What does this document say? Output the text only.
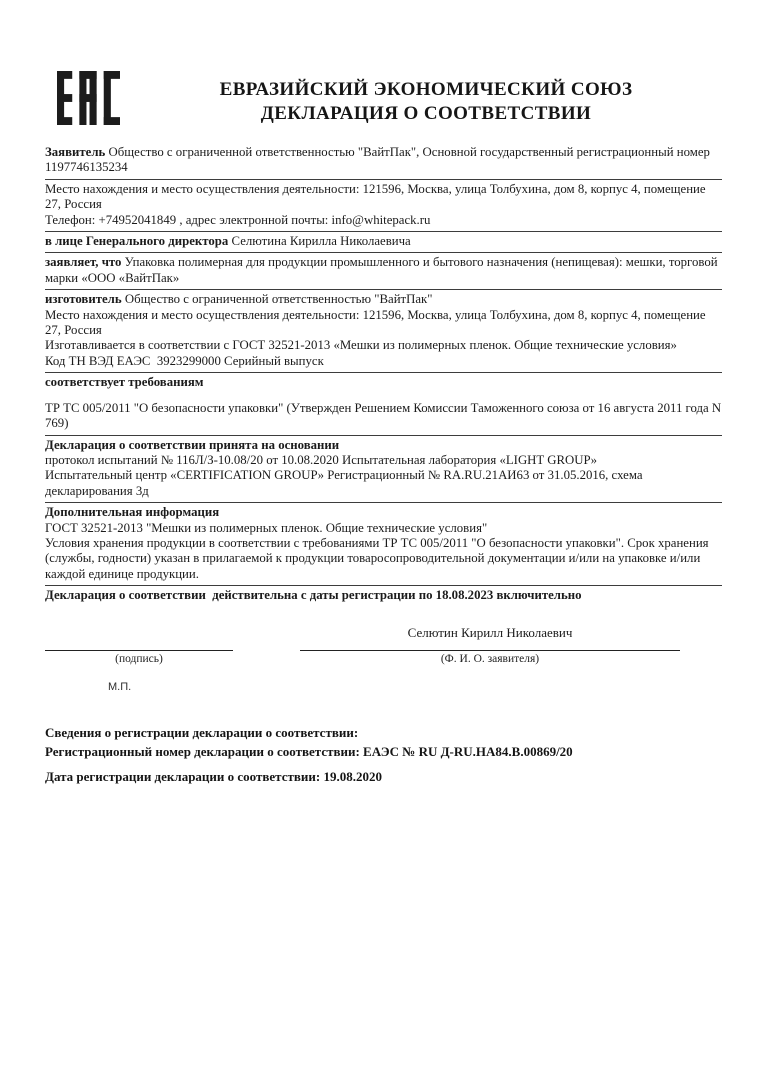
ЕВРАЗИЙСКИЙ ЭКОНОМИЧЕСКИЙ СОЮЗ
ДЕКЛАРАЦИЯ О СООТВЕТСТВИИ

Заявитель Общество с ограниченной ответственностью "ВайтПак", Основной государственный регистрационный номер 1197746135234

Место нахождения и место осуществления деятельности: 121596, Москва, улица Толбухина, дом 8, корпус 4, помещение 27, Россия
Телефон: +74952041849 , адрес электронной почты: info@whitepack.ru

в лице Генерального директора Селютина Кирилла Николаевича

заявляет, что Упаковка полимерная для продукции промышленного и бытового назначения (непищевая): мешки, торговой марки «ООО «ВайтПак»

изготовитель Общество с ограниченной ответственностью "ВайтПак"
Место нахождения и место осуществления деятельности: 121596, Москва, улица Толбухина, дом 8, корпус 4, помещение 27, Россия
Изготавливается в соответствии с ГОСТ 32521-2013 «Мешки из полимерных пленок. Общие технические условия»
Код ТН ВЭД ЕАЭС  3923299000 Серийный выпуск

соответствует требованиям
ТР ТС 005/2011 "О безопасности упаковки" (Утвержден Решением Комиссии Таможенного союза от 16 августа 2011 года N 769)

Декларация о соответствии принята на основании
протокол испытаний № 116Л/З-10.08/20 от 10.08.2020 Испытательная лаборатория «LIGHT GROUP»
Испытательный центр «CERTIFICATION GROUP» Регистрационный № RA.RU.21АИ63 от 31.05.2016, схема декларирования 3д

Дополнительная информация
ГОСТ 32521-2013 "Мешки из полимерных пленок. Общие технические условия"
Условия хранения продукции в соответствии с требованиями ТР ТС 005/2011 "О безопасности упаковки". Срок хранения (службы, годности) указан в прилагаемой к продукции товаросопроводительной документации и/или на упаковке и/или каждой единице продукции.

Декларация о соответствии  действительна с даты регистрации по 18.08.2023 включительно

Селютин Кирилл Николаевич
(подпись)	(Ф. И. О. заявителя)
М.П.

Сведения о регистрации декларации о соответствии:

Регистрационный номер декларации о соответствии: ЕАЭС № RU Д-RU.НА84.В.00869/20

Дата регистрации декларации о соответствии: 19.08.2020
